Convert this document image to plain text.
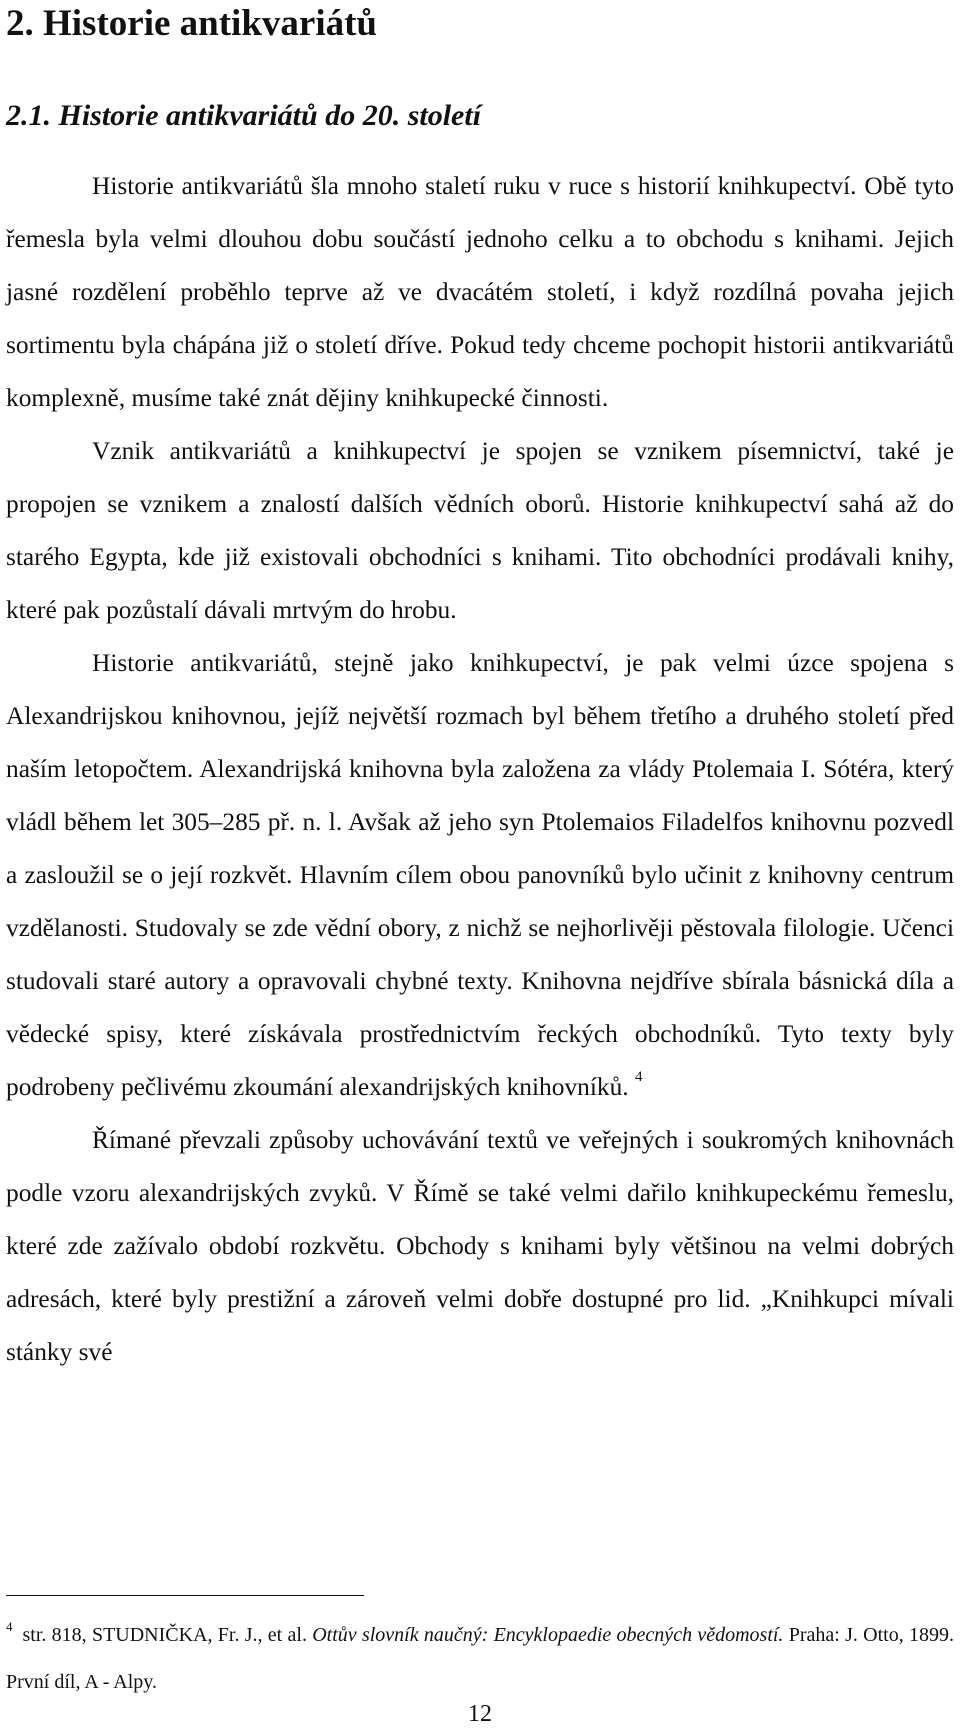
2. Historie antikvariátů
2.1. Historie antikvariátů do 20. století

Historie antikvariátů šla mnoho staletí ruku v ruce s historií knihkupectví. Obě tyto řemesla byla velmi dlouhou dobu součástí jednoho celku a to obchodu s knihami. Jejich jasné rozdělení proběhlo teprve až ve dvacátém století, i když rozdílná povaha jejich sortimentu byla chápána již o století dříve. Pokud tedy chceme pochopit historii antikvariátů komplexně, musíme také znát dějiny knihkupecké činnosti.

Vznik antikvariátů a knihkupectví je spojen se vznikem písemnictví, také je propojen se vznikem a znalostí dalších vědních oborů. Historie knihkupectví sahá až do starého Egypta, kde již existovali obchodníci s knihami. Tito obchodníci prodávali knihy, které pak pozůstalí dávali mrtvým do hrobu.

Historie antikvariátů, stejně jako knihkupectví, je pak velmi úzce spojena s Alexandrijskou knihovnou, jejíž největší rozmach byl během třetího a druhého století před naším letopočtem. Alexandrijská knihovna byla založena za vlády Ptolemaia I. Sótéra, který vládl během let 305–285 př. n. l. Avšak až jeho syn Ptolemaios Filadelfos knihovnu pozvedl a zasloužil se o její rozkvět. Hlavním cílem obou panovníků bylo učinit z knihovny centrum vzdělanosti. Studovaly se zde vědní obory, z nichž se nejhorlivěji pěstovala filologie. Učenci studovali staré autory a opravovali chybné texty. Knihovna nejdříve sbírala básnická díla a vědecké spisy, které získávala prostřednictvím řeckých obchodníků. Tyto texty byly podrobeny pečlivému zkoumání alexandrijských knihovníků. $^4$

Římané převzali způsoby uchovávání textů ve veřejných i soukromých knihovnách podle vzoru alexandrijských zvyků. V Římě se také velmi dařilo knihkupeckému řemeslu, které zde zažívalo období rozkvětu. Obchody s knihami byly většinou na velmi dobrých adresách, které byly prestižní a zároveň velmi dobře dostupné pro lid. „Knihkupci mívali stánky své

$^4$ str. 818, STUDNIČKA, Fr. J., et al. Ottův slovník naučný: Encyklopaedie obecných vědomostí. Praha: J. Otto, 1899. První díl, A - Alpy.

12
